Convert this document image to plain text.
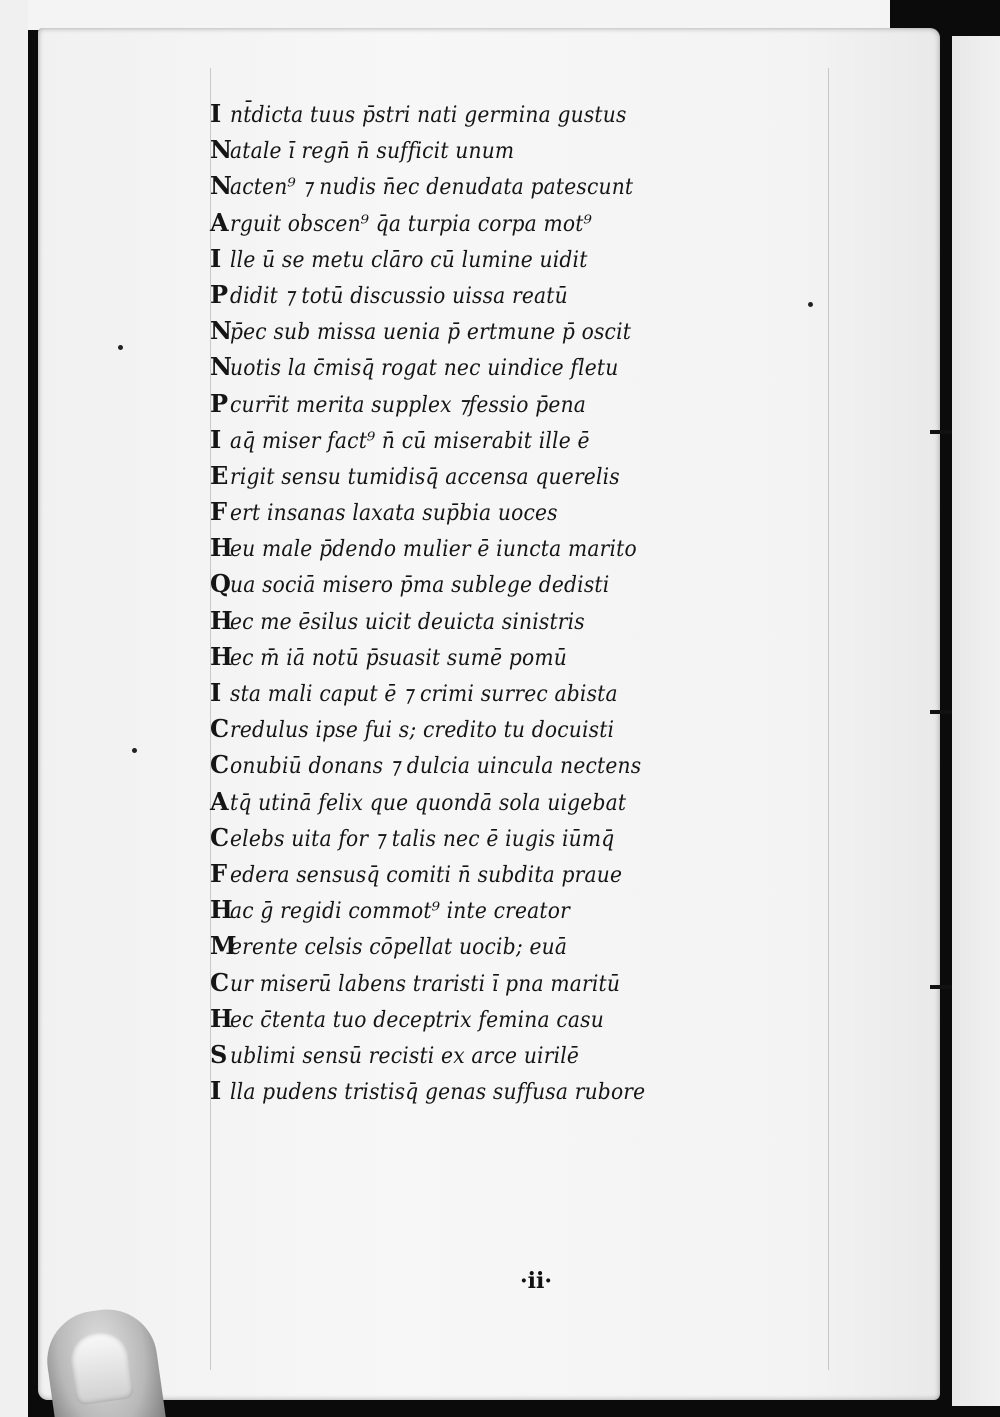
I nt̄dicta tuus p̄stri nati germina gustus
N
atale ī regn̄ n̄ sufficit unum
N
acten⁹ ⁊ nudis n̄ec denudata patescunt
A rguit obscen⁹ q̄a turpia corpa mot⁹
I lle ū se metu clāro cū lumine uidit
P didit ⁊ totū discussio uissa reatū
N
p̄ec sub missa uenia p̄ ertmune p̄ oscit
N
uotis la c̄misq̄ rogat nec uindice fletu
P curr̄it merita supplex ⁊fessio p̄ena
I aq̄ miser fact⁹ n̄ cū miserabit ille ē
E rigit sensu tumidisq̄ accensa querelis
F ert insanas laxata sup̄bia uoces
H
eu male p̄dendo mulier ē iuncta marito
Q ua sociā misero p̄ma sublege dedisti
H
ec me ēsilus uicit deuicta sinistris
H
ec m̄ iā notū p̄suasit sumē pomū
I sta mali caput ē ⁊ crimi surrec abista
C redulus ipse fui s; credito tu docuisti
C onubiū donans ⁊ dulcia uincula nectens
A tq̄ utinā felix que quondā sola uigebat
C elebs uita for ⁊ talis nec ē iugis iūmq̄
F edera sensusq̄ comiti n̄ subdita praue
H
ac ḡ regidi commot⁹ inte creator
M
erente celsis cōpellat uocib; euā
C ur miserū labens traristi ī pna maritū
H
ec c̄tenta tuo deceptrix femina casu
S ublimi sensū recisti ex arce uirilē
I lla pudens tristisq̄ genas suffusa rubore
·ii·
